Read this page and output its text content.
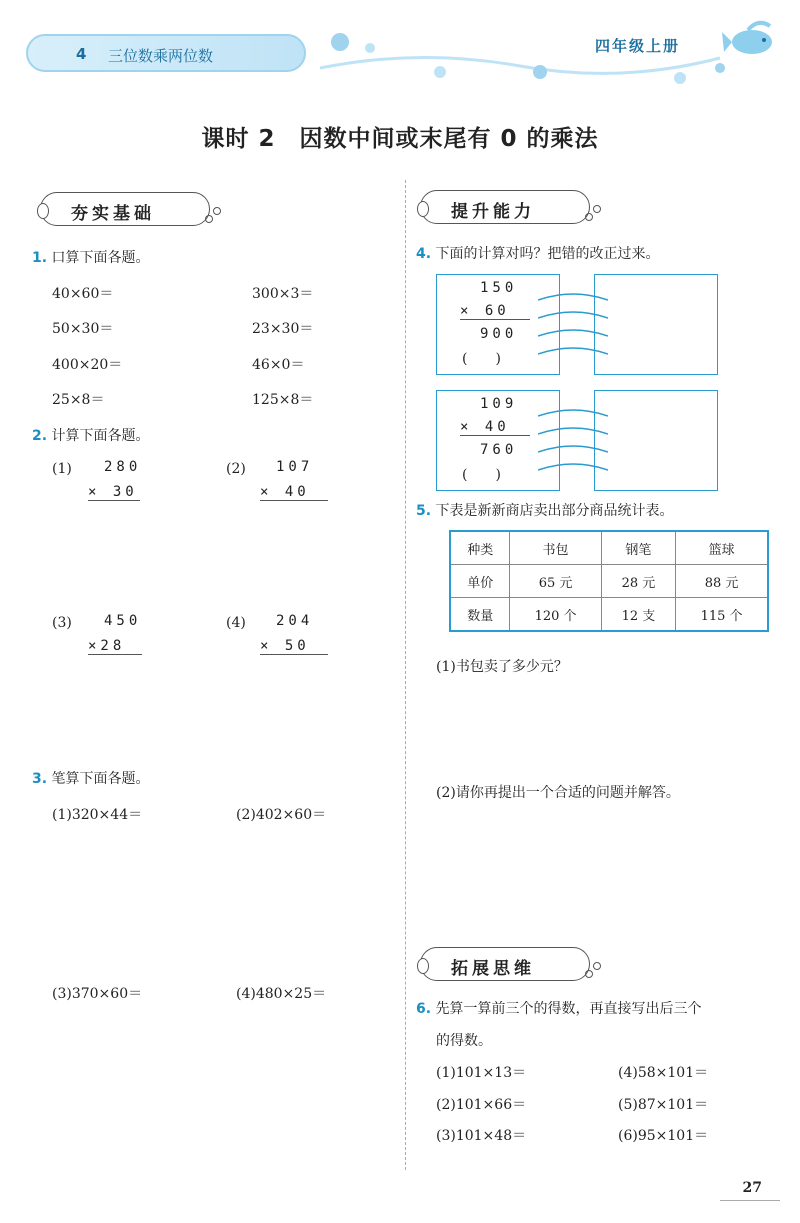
4 三位数乘两位数
四年级上册
课时 2　因数中间或末尾有 0 的乘法
夯实基础
1. 口算下面各题。
40×60＝	300×3＝
50×30＝	23×30＝
400×20＝	46×0＝
25×8＝	125×8＝
2. 计算下面各题。
(1) 280
× 30
(2) 107
× 40
(3) 450
×28
(4) 204
× 50
3. 笔算下面各题。
(1)320×44＝	(2)402×60＝
(3)370×60＝	(4)480×25＝
提升能力
4. 下面的计算对吗？把错的改正过来。
150
× 60
900
(　　)
109
× 40
760
(　　)
5. 下表是新新商店卖出部分商品统计表。
种类	书包	钢笔	篮球
单价	65 元	28 元	88 元
数量	120 个	12 支	115 个
(1)书包卖了多少元？
(2)请你再提出一个合适的问题并解答。
拓展思维
6. 先算一算前三个的得数，再直接写出后三个
的得数。
(1)101×13＝	(4)58×101＝
(2)101×66＝	(5)87×101＝
(3)101×48＝	(6)95×101＝
27
